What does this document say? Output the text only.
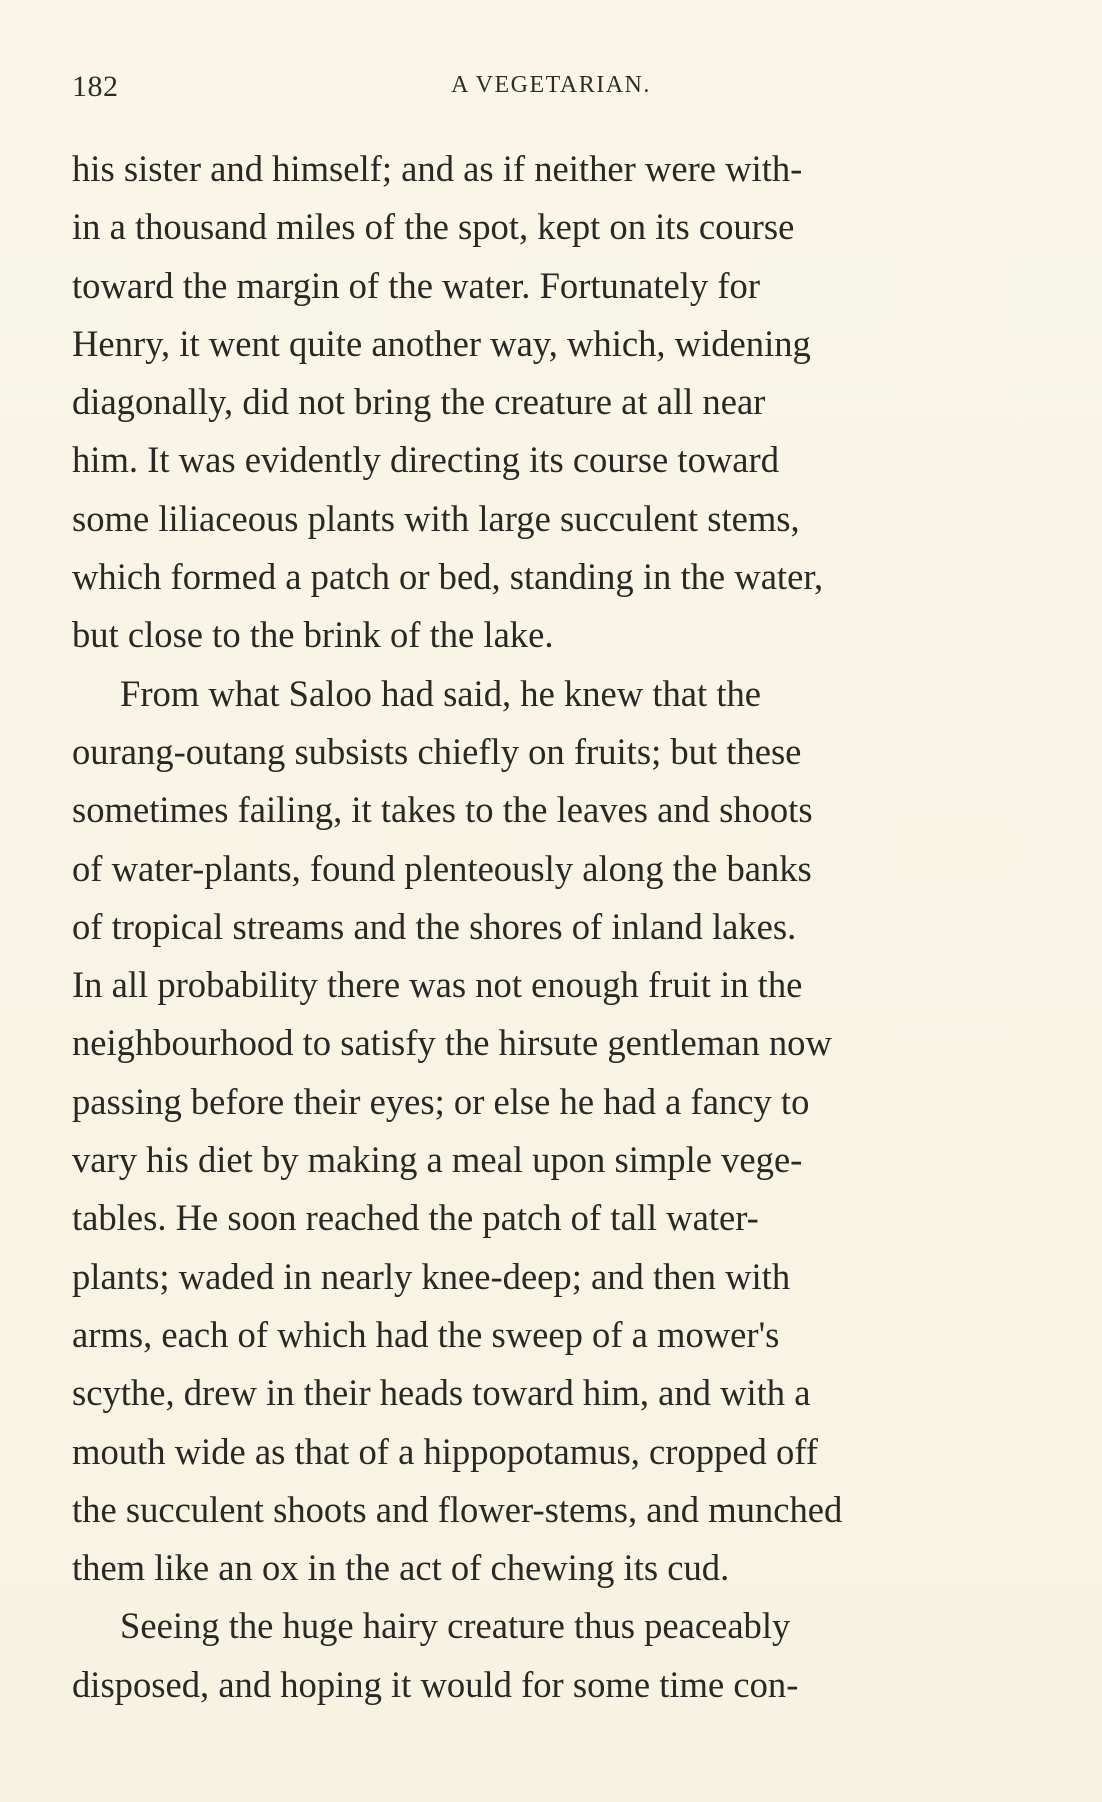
182	A VEGETARIAN.
his sister and himself; and as if neither were with-
in a thousand miles of the spot, kept on its course
toward the margin of the water. Fortunately for
Henry, it went quite another way, which, widening
diagonally, did not bring the creature at all near
him. It was evidently directing its course toward
some liliaceous plants with large succulent stems,
which formed a patch or bed, standing in the water,
but close to the brink of the lake.
From what Saloo had said, he knew that the
ourang-outang subsists chiefly on fruits; but these
sometimes failing, it takes to the leaves and shoots
of water-plants, found plenteously along the banks
of tropical streams and the shores of inland lakes.
In all probability there was not enough fruit in the
neighbourhood to satisfy the hirsute gentleman now
passing before their eyes; or else he had a fancy to
vary his diet by making a meal upon simple vege-
tables. He soon reached the patch of tall water-
plants; waded in nearly knee-deep; and then with
arms, each of which had the sweep of a mower's
scythe, drew in their heads toward him, and with a
mouth wide as that of a hippopotamus, cropped off
the succulent shoots and flower-stems, and munched
them like an ox in the act of chewing its cud.
Seeing the huge hairy creature thus peaceably
disposed, and hoping it would for some time con-
